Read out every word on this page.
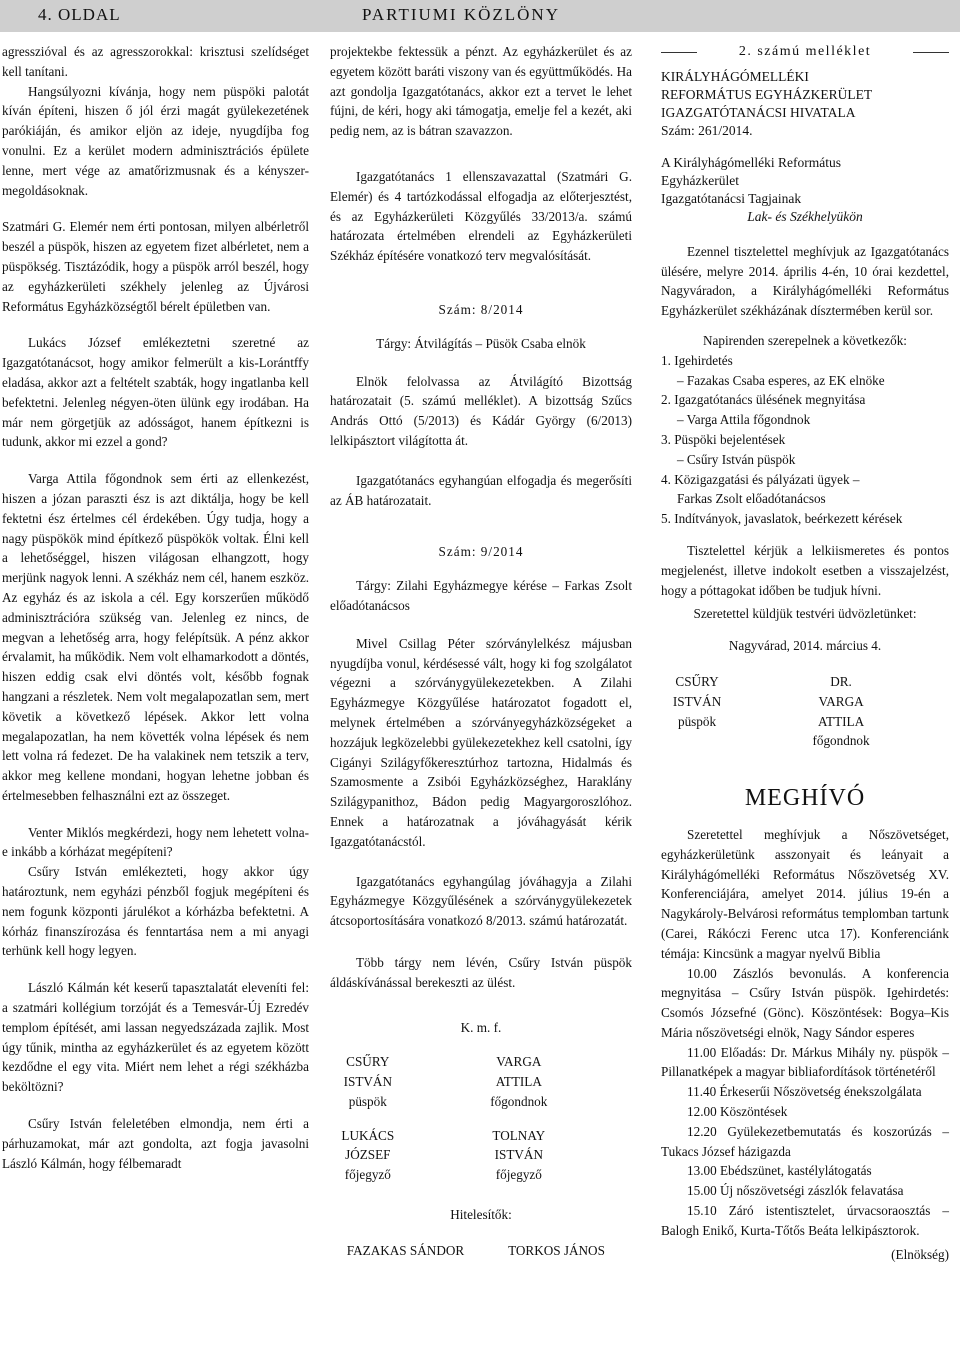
4. OLDAL	PARTIUMI KÖZLÖNY

agresszióval és az agresszorokkal: krisztusi szelídséget kell tanítani.

Hangsúlyozni kívánja, hogy nem püspöki palotát kíván építeni, hiszen ő jól érzi magát gyülekezetének parókiáján, és amikor eljön az ideje, nyugdíjba fog vonulni. Ez a kerület modern adminisztrációs épülete lenne, mert vége az amatőrizmusnak és a kényszer-megoldásoknak.

Szatmári G. Elemér nem érti pontosan, milyen albérletről beszél a püspök, hiszen az egyetem fizet albérletet, nem a püspökség. Tisztázódik, hogy a püspök arról beszél, hogy az egyházkerületi székhely jelenleg az Újvárosi Református Egyházközségtől bérelt épületben van.

Lukács József emlékeztetni szeretné az Igazgatótanácsot, hogy amikor felmerült a kis-Lorántffy eladása, akkor azt a feltételt szabták, hogy ingatlanba kell befektetni. Jelenleg négyen-öten ülünk egy irodában. Ha már nem görgetjük az adósságot, hanem építkezni is tudunk, akkor mi ezzel a gond?

Varga Attila főgondnok sem érti az ellenkezést, hiszen a józan paraszti ész is azt diktálja, hogy be kell fektetni ész értelmes cél érdekében. Úgy tudja, hogy a nagy püspökök mind építkező püspökök voltak. Élni kell a lehetőséggel, hiszen világosan elhangzott, hogy merjünk nagyok lenni. A székház nem cél, hanem eszköz. Az egyház és az iskola a cél. Egy korszerűen működő adminisztrációra szükség van. Jelenleg ez nincs, de megvan a lehetőség arra, hogy felépítsük. A pénz akkor érvalamit, ha működik. Nem volt elhamarkodott a döntés, hiszen eddig csak elvi döntés volt, később fognak hangzani a részletek. Nem volt megalapozatlan sem, mert követik a következő lépések. Akkor lett volna megalapozatlan, ha nem követték volna lépések és nem lett volna rá fedezet. De ha valakinek nem tetszik a terv, akkor meg kellene mondani, hogyan lehetne jobban és értelmesebben felhasználni ezt az összeget.

Venter Miklós megkérdezi, hogy nem lehetett volna-e inkább a kórházat megépíteni?

Csűry István emlékezteti, hogy akkor úgy határoztunk, nem egyházi pénzből fogjuk megépíteni és nem fogunk központi járulékot a kórházba befektetni. A kórház finanszírozása és fenntartása nem a mi anyagi terhünk kell hogy legyen.

László Kálmán két keserű tapasztalatát eleveníti fel: a szatmári kollégium torzóját és a Temesvár-Új Ezredév templom építését, ami lassan negyedszázada zajlik. Most úgy tűnik, mintha az egyházkerület és az egyetem között kezdődne el egy vita. Miért nem lehet a régi székházba beköltözni?

Csűry István feleletében elmondja, nem érti a párhuzamokat, már azt gondolta, azt fogja javasolni László Kálmán, hogy félbemaradt

projektekbe fektessük a pénzt. Az egyházkerület és az egyetem között baráti viszony van és együttműködés. Ha azt gondolja Igazgatótanács, akkor ezt a tervet le lehet fújni, de kéri, hogy aki támogatja, emelje fel a kezét, aki pedig nem, az is bátran szavazzon.

Igazgatótanács 1 ellenszavazattal (Szatmári G. Elemér) és 4 tartózkodással elfogadja az előterjesztést, és az Egyházkerületi Közgyűlés 33/2013/a. számú határozata értelmében elrendeli az Egyházkerületi Székház építésére vonatkozó terv megvalósítását.

Szám: 8/2014

Tárgy: Átvilágítás – Püsök Csaba elnök

Elnök felolvassa az Átvilágító Bizottság határozatait (5. számú melléklet). A bizottság Szűcs András Ottó (5/2013) és Kádár György (6/2013) lelkipásztort világította át.

Igazgatótanács egyhangúan elfogadja és megerősíti az ÁB határozatait.

Szám: 9/2014

Tárgy: Zilahi Egyházmegye kérése – Farkas Zsolt előadótanácsos

Mivel Csillag Péter szórványlelkész májusban nyugdíjba vonul, kérdésessé vált, hogy ki fog szolgálatot végezni a szórványgyülekezetekben. A Zilahi Egyházmegye Közgyűlése határozatot fogadott el, melynek értelmében a szórványegyházközségeket a hozzájuk legközelebbi gyülekezetekhez kell csatolni, így Cigányi Szilágyfőkeresztúrhoz tartozna, Hidalmás és Szamosmente a Zsibói Egyházközséghez, Haraklány Szilágypanithoz, Bádon pedig Magyargoroszlóhoz. Ennek a határozatnak a jóváhagyását kérik Igazgatótanácstól.

Igazgatótanács egyhangúlag jóváhagyja a Zilahi Egyházmegye Közgyűlésének a szórványgyülekezetek átcsoportosítására vonatkozó 8/2013. számú határozatát.

Több tárgy nem lévén, Csűry István püspök áldáskívánással berekeszti az ülést.

K. m. f.

CSŰRY ISTVÁN
püspök
VARGA ATTILA
főgondnok
LUKÁCS JÓZSEF
főjegyző
TOLNAY ISTVÁN
főjegyző

Hitelesítők:

FAZAKAS SÁNDOR	TORKOS JÁNOS
2. számú melléklet
KIRÁLYHÁGÓMELLÉKI
REFORMÁTUS EGYHÁZKERÜLET
IGAZGATÓTANÁCSI HIVATALA
Szám: 261/2014.
A Királyhágómelléki Református
Egyházkerület
Igazgatótanácsi Tagjainak
Lak- és Székhelyükön

Ezennel tisztelettel meghívjuk az Igazgatótanács ülésére, melyre 2014. április 4-én, 10 órai kezdettel, Nagyváradon, a Királyhágómelléki Református Egyházkerület székházának dísztermében kerül sor.

Napirenden szerepelnek a következők:

1. Igehirdetés
– Fazakas Csaba esperes, az EK elnöke
2. Igazgatótanács ülésének megnyitása
– Varga Attila főgondnok
3. Püspöki bejelentések
– Csűry István püspök
4. Közigazgatási és pályázati ügyek –
Farkas Zsolt előadótanácsos
5. Indítványok, javaslatok, beérkezett kérések

Tisztelettel kérjük a lelkiismeretes és pontos megjelenést, illetve indokolt esetben a visszajelzést, hogy a póttagokat időben be tudjuk hívni.

Szeretettel küldjük testvéri üdvözletünket:

Nagyvárad, 2014. március 4.

CSŰRY ISTVÁN
püspök
DR. VARGA ATTILA
főgondnok
MEGHÍVÓ

Szeretettel meghívjuk a Nőszövetséget, egyházkerületünk asszonyait és leányait a Királyhágómelléki Református Nőszövetség XV. Konferenciájára, amelyet 2014. július 19-én a Nagykároly-Belvárosi református templomban tartunk (Carei, Rákóczi Ferenc utca 17). Konferenciánk témája: Kincsünk a magyar nyelvű Biblia

10.00 Zászlós bevonulás. A konferencia megnyitása – Csűry István püspök. Igehirdetés: Csomós Józsefné (Gönc). Köszöntések: Bogya–Kis Mária nőszövetségi elnök, Nagy Sándor esperes

11.00 Előadás: Dr. Márkus Mihály ny. püspök – Pillanatképek a magyar bibliafordítások történetéről

11.40 Érkeserűi Nőszövetség énekszolgálata

12.00 Köszöntések

12.20 Gyülekezetbemutatás és koszorúzás – Tukacs József házigazda

13.00 Ebédszünet, kastélylátogatás

15.00 Új nőszövetségi zászlók felavatása

15.10 Záró istentisztelet, úrvacsoraosztás – Balogh Enikő, Kurta-Tőtős Beáta lelkipásztorok.

(Elnökség)
